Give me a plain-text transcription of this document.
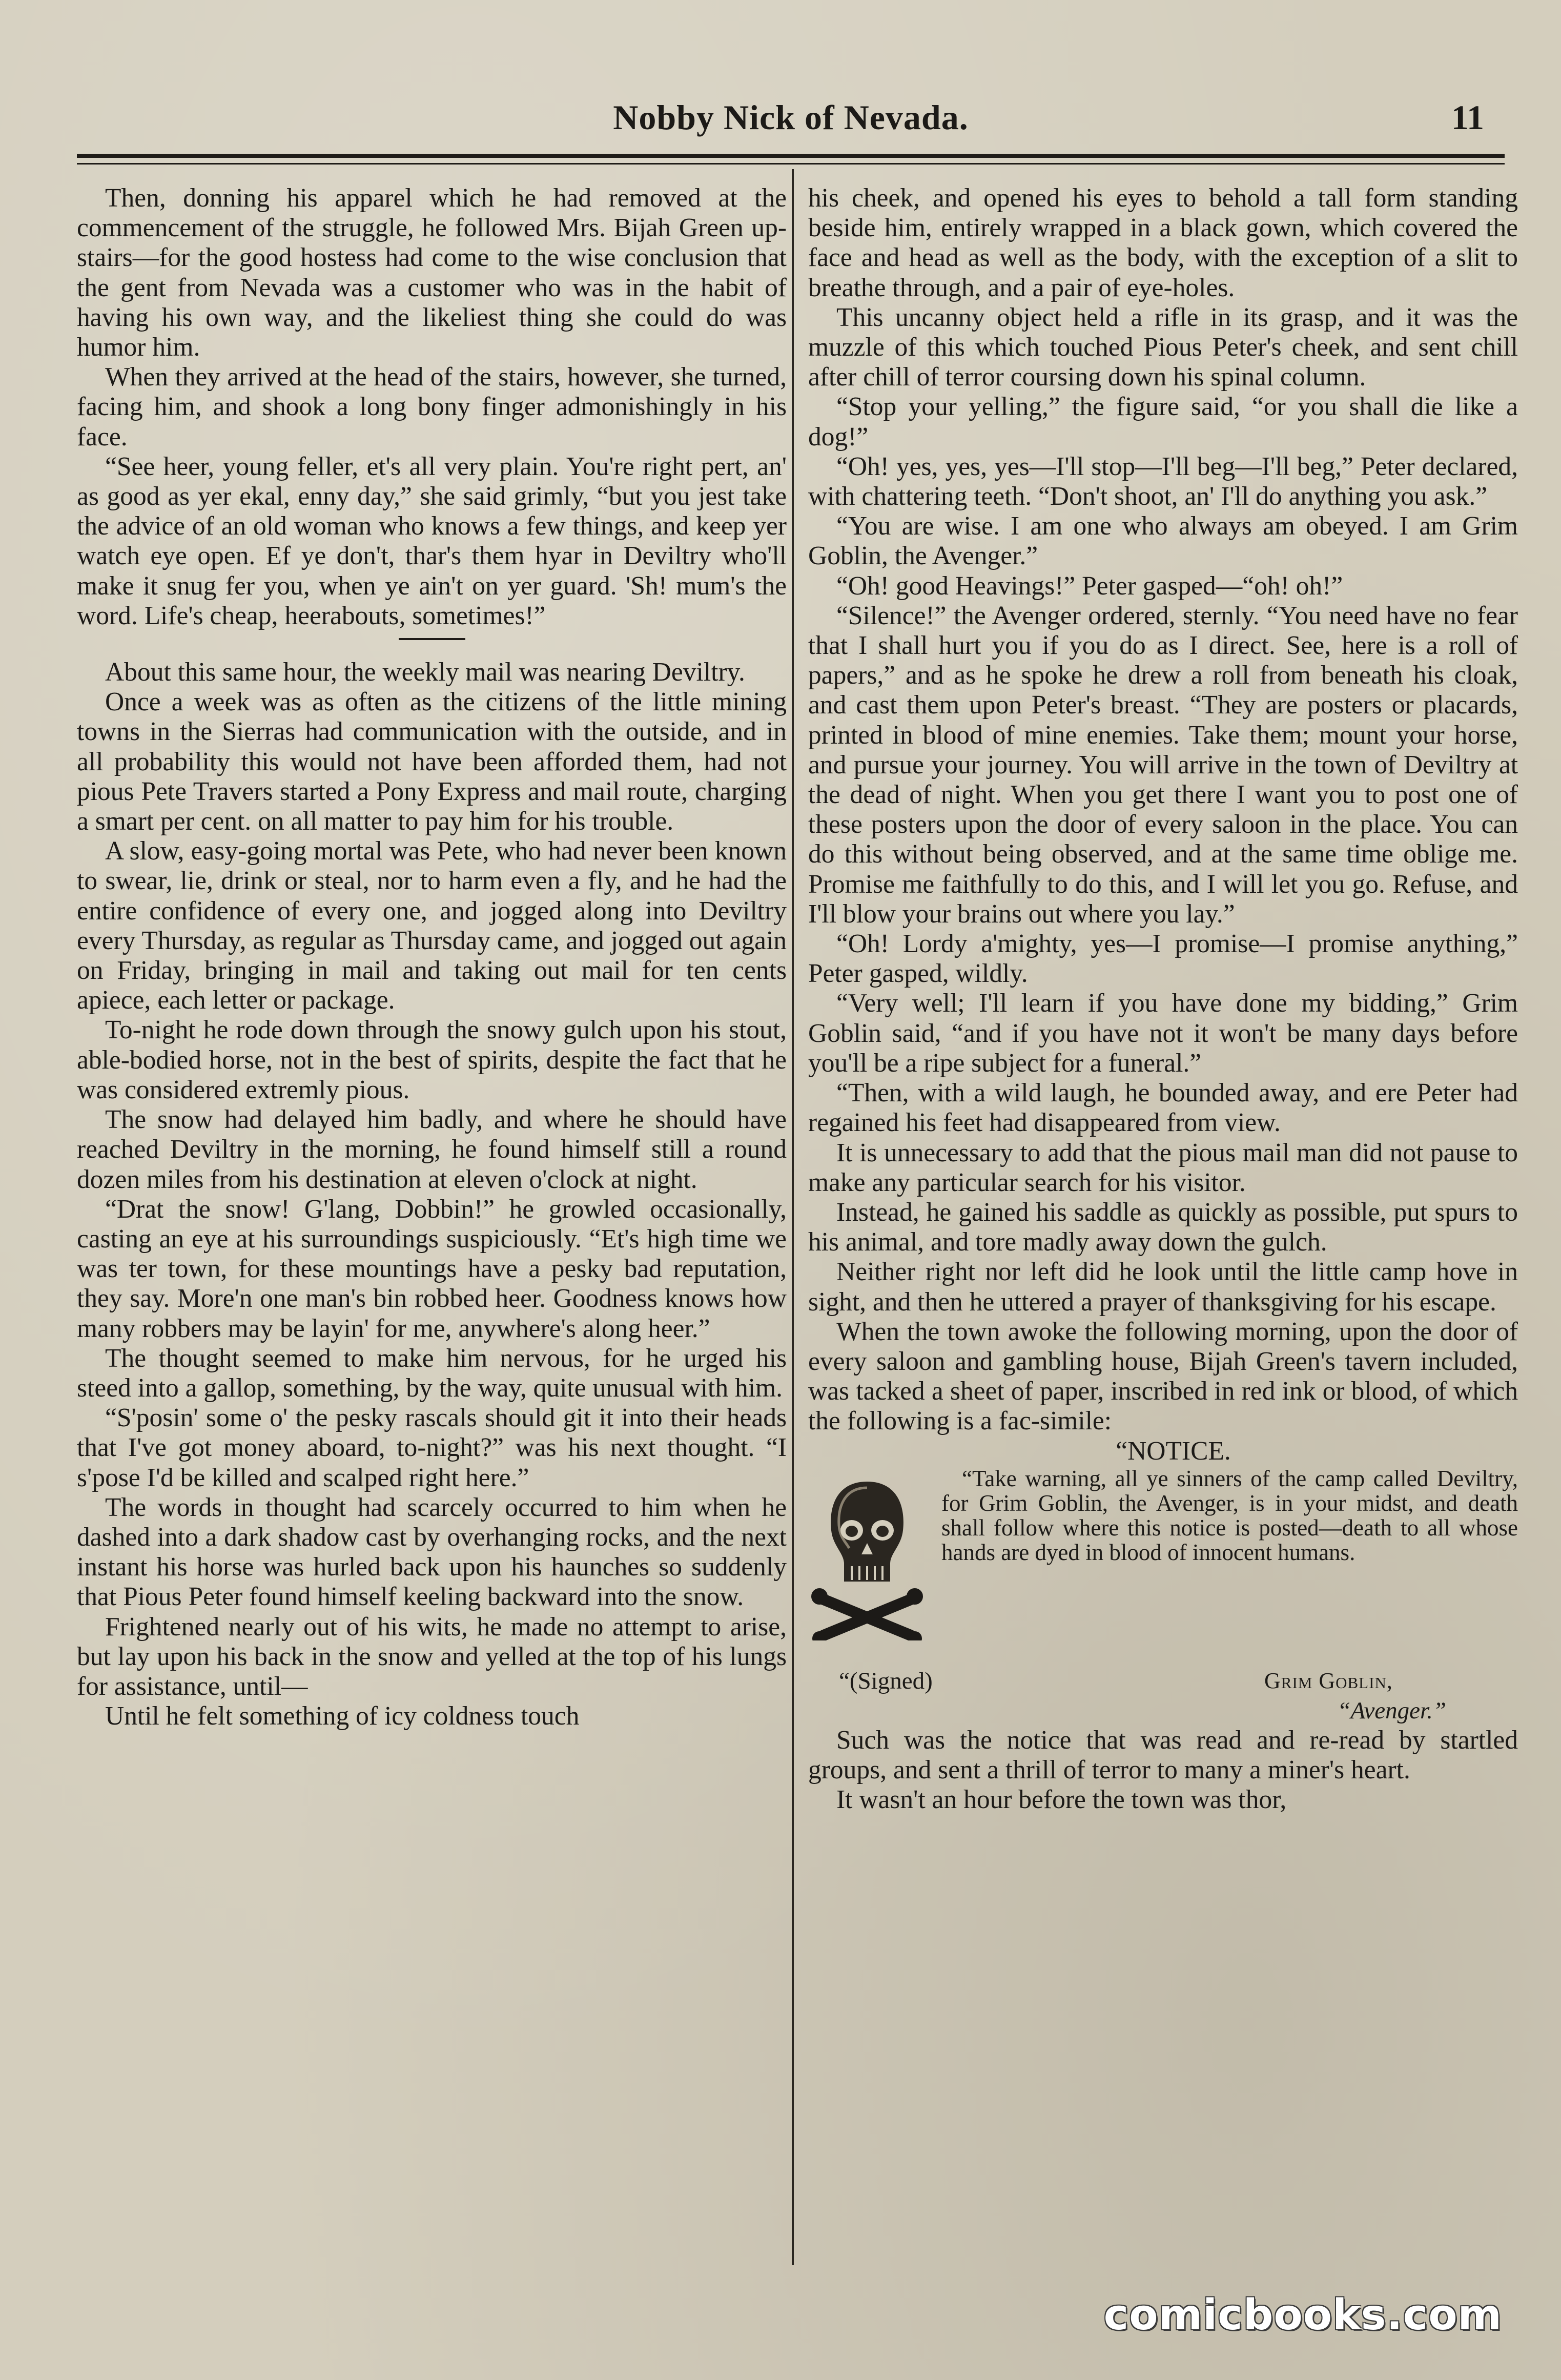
Nobby Nick of Nevada.	11

Then, donning his apparel which he had removed at the commencement of the struggle, he followed Mrs. Bijah Green up-stairs—for the good hostess had come to the wise conclusion that the gent from Nevada was a customer who was in the habit of having his own way, and the likeliest thing she could do was humor him.

When they arrived at the head of the stairs, however, she turned, facing him, and shook a long bony finger admonishingly in his face.

“See heer, young feller, et's all very plain. You're right pert, an' as good as yer ekal, enny day,” she said grimly, “but you jest take the advice of an old woman who knows a few things, and keep yer watch eye open. Ef ye don't, thar's them hyar in Deviltry who'll make it snug fer you, when ye ain't on yer guard. 'Sh! mum's the word. Life's cheap, heerabouts, sometimes!”

About this same hour, the weekly mail was nearing Deviltry.

Once a week was as often as the citizens of the little mining towns in the Sierras had communication with the outside, and in all probability this would not have been afforded them, had not pious Pete Travers started a Pony Express and mail route, charging a smart per cent. on all matter to pay him for his trouble.

A slow, easy-going mortal was Pete, who had never been known to swear, lie, drink or steal, nor to harm even a fly, and he had the entire confidence of every one, and jogged along into Deviltry every Thursday, as regular as Thursday came, and jogged out again on Friday, bringing in mail and taking out mail for ten cents apiece, each letter or package.

To-night he rode down through the snowy gulch upon his stout, able-bodied horse, not in the best of spirits, despite the fact that he was considered extremly pious.

The snow had delayed him badly, and where he should have reached Deviltry in the morning, he found himself still a round dozen miles from his destination at eleven o'clock at night.

“Drat the snow! G'lang, Dobbin!” he growled occasionally, casting an eye at his surroundings suspiciously. “Et's high time we was ter town, for these mountings have a pesky bad reputation, they say. More'n one man's bin robbed heer. Goodness knows how many robbers may be layin' for me, anywhere's along heer.”

The thought seemed to make him nervous, for he urged his steed into a gallop, something, by the way, quite unusual with him.

“S'posin' some o' the pesky rascals should git it into their heads that I've got money aboard, to-night?” was his next thought. “I s'pose I'd be killed and scalped right here.”

The words in thought had scarcely occurred to him when he dashed into a dark shadow cast by overhanging rocks, and the next instant his horse was hurled back upon his haunches so suddenly that Pious Peter found himself keeling backward into the snow.

Frightened nearly out of his wits, he made no attempt to arise, but lay upon his back in the snow and yelled at the top of his lungs for assistance, until—

Until he felt something of icy coldness touch

his cheek, and opened his eyes to behold a tall form standing beside him, entirely wrapped in a black gown, which covered the face and head as well as the body, with the exception of a slit to breathe through, and a pair of eye-holes.

This uncanny object held a rifle in its grasp, and it was the muzzle of this which touched Pious Peter's cheek, and sent chill after chill of terror coursing down his spinal column.

“Stop your yelling,” the figure said, “or you shall die like a dog!”

“Oh! yes, yes, yes—I'll stop—I'll beg—I'll beg,” Peter declared, with chattering teeth. “Don't shoot, an' I'll do anything you ask.”

“You are wise. I am one who always am obeyed. I am Grim Goblin, the Avenger.”

“Oh! good Heavings!” Peter gasped—“oh! oh!”

“Silence!” the Avenger ordered, sternly. “You need have no fear that I shall hurt you if you do as I direct. See, here is a roll of papers,” and as he spoke he drew a roll from beneath his cloak, and cast them upon Peter's breast. “They are posters or placards, printed in blood of mine enemies. Take them; mount your horse, and pursue your journey. You will arrive in the town of Deviltry at the dead of night. When you get there I want you to post one of these posters upon the door of every saloon in the place. You can do this without being observed, and at the same time oblige me. Promise me faithfully to do this, and I will let you go. Refuse, and I'll blow your brains out where you lay.”

“Oh! Lordy a'mighty, yes—I promise—I promise anything,” Peter gasped, wildly.

“Very well; I'll learn if you have done my bidding,” Grim Goblin said, “and if you have not it won't be many days before you'll be a ripe subject for a funeral.”

“Then, with a wild laugh, he bounded away, and ere Peter had regained his feet had disappeared from view.

It is unnecessary to add that the pious mail man did not pause to make any particular search for his visitor.

Instead, he gained his saddle as quickly as possible, put spurs to his animal, and tore madly away down the gulch.

Neither right nor left did he look until the little camp hove in sight, and then he uttered a prayer of thanksgiving for his escape.

When the town awoke the following morning, upon the door of every saloon and gambling house, Bijah Green's tavern included, was tacked a sheet of paper, inscribed in red ink or blood, of which the following is a fac-simile:

“NOTICE.
“Take warning, all ye sinners of the camp called Deviltry, for Grim Goblin, the Avenger, is in your midst, and death shall follow where this notice is posted—death to all whose hands are dyed in blood of innocent humans.
“(Signed)	Grim Goblin,
“Avenger.”

Such was the notice that was read and re-read by startled groups, and sent a thrill of terror to many a miner's heart.

It wasn't an hour before the town was thor,

comicbooks.com
